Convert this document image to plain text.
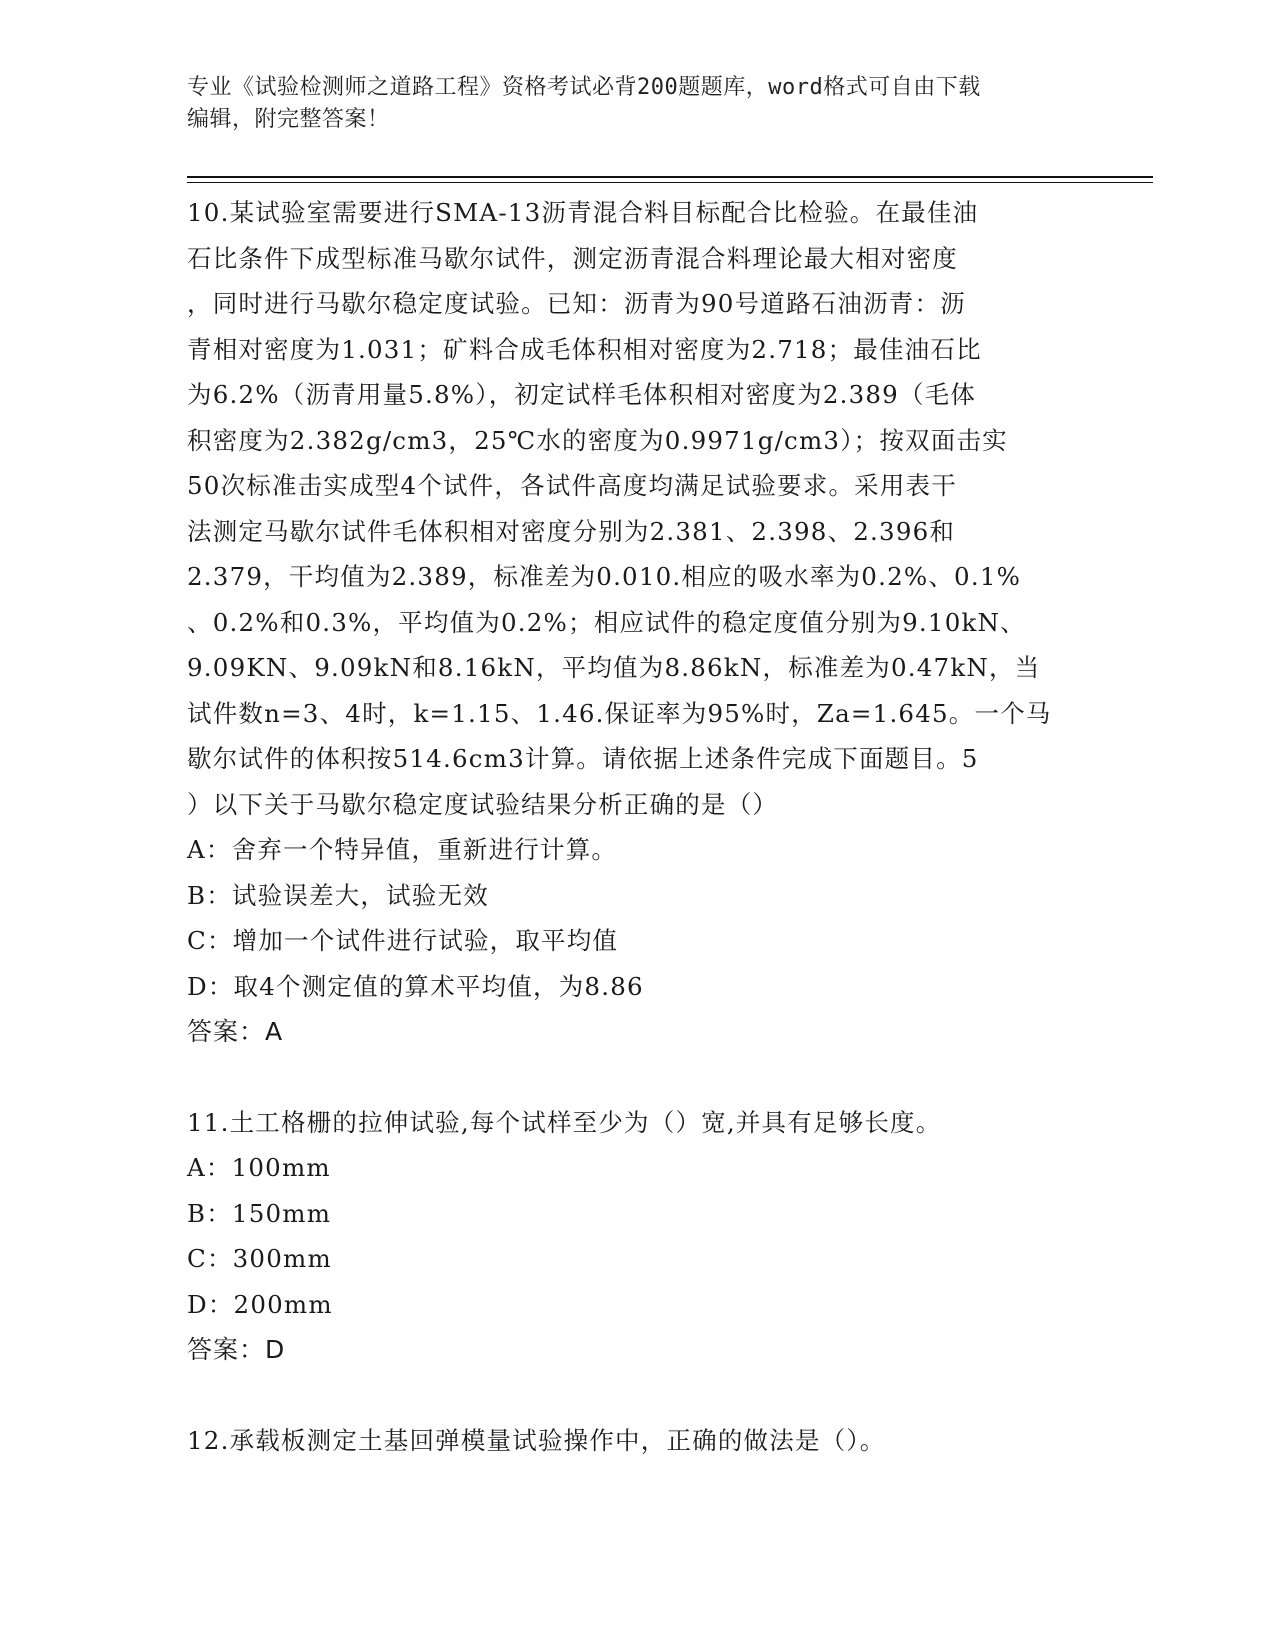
专业《试验检测师之道路工程》资格考试必背200题题库，word格式可自由下载
编辑，附完整答案！
10.某试验室需要进行SMA-13沥青混合料目标配合比检验。在最佳油
石比条件下成型标准马歇尔试件，测定沥青混合料理论最大相对密度
，同时进行马歇尔稳定度试验。已知：沥青为90号道路石油沥青：沥
青相对密度为1.031；矿料合成毛体积相对密度为2.718；最佳油石比
为6.2%（沥青用量5.8%），初定试样毛体积相对密度为2.389（毛体
积密度为2.382g/cm3，25℃水的密度为0.9971g/cm3）；按双面击实
50次标准击实成型4个试件，各试件高度均满足试验要求。采用表干
法测定马歇尔试件毛体积相对密度分别为2.381、2.398、2.396和
2.379，干均值为2.389，标准差为0.010.相应的吸水率为0.2%、0.1%
、0.2%和0.3%，平均值为0.2%；相应试件的稳定度值分别为9.10kN、
9.09KN、9.09kN和8.16kN，平均值为8.86kN，标准差为0.47kN，当
试件数n=3、4时，k=1.15、1.46.保证率为95%时，Za=1.645。一个马
歇尔试件的体积按514.6cm3计算。请依据上述条件完成下面题目。5
）以下关于马歇尔稳定度试验结果分析正确的是（）
A：舍弃一个特异值，重新进行计算。
B：试验误差大，试验无效
C：增加一个试件进行试验，取平均值
D：取4个测定值的算术平均值，为8.86
答案：A
11.土工格栅的拉伸试验,每个试样至少为（）宽,并具有足够长度。
A：100mm
B：150mm
C：300mm
D：200mm
答案：D
12.承载板测定土基回弹模量试验操作中，正确的做法是（）。
